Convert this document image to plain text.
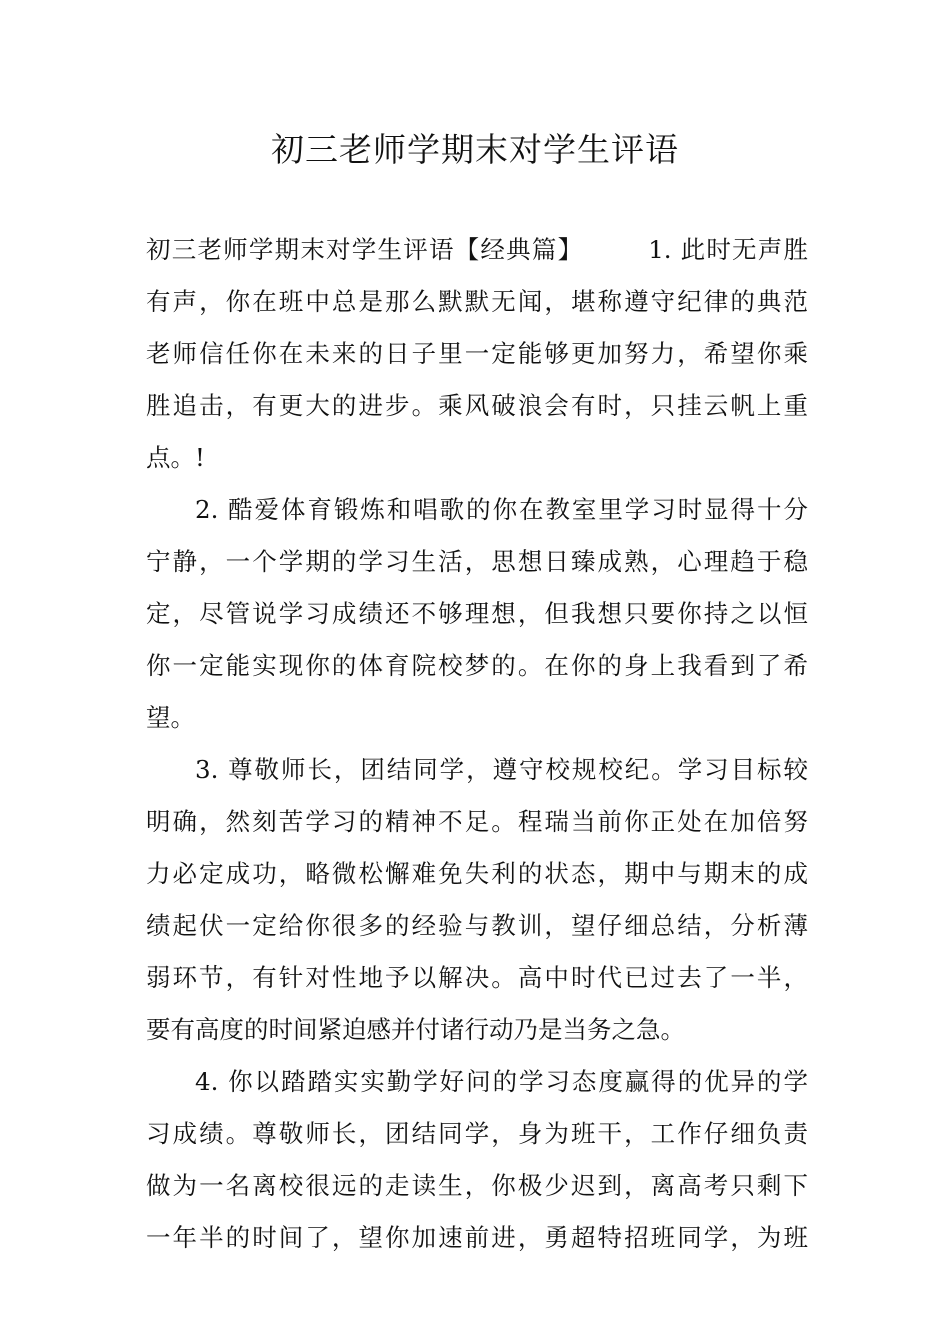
初三老师学期末对学生评语
初三老师学期末对学生评语【经典篇】　　　1. 此时无声胜
有声，你在班中总是那么默默无闻，堪称遵守纪律的典范
老师信任你在未来的日子里一定能够更加努力，希望你乘
胜追击，有更大的进步。乘风破浪会有时，只挂云帆上重
点。!
2. 酷爱体育锻炼和唱歌的你在教室里学习时显得十分
宁静，一个学期的学习生活，思想日臻成熟，心理趋于稳
定，尽管说学习成绩还不够理想，但我想只要你持之以恒
你一定能实现你的体育院校梦的。在你的身上我看到了希
望。
3. 尊敬师长，团结同学，遵守校规校纪。学习目标较
明确，然刻苦学习的精神不足。程瑞当前你正处在加倍努
力必定成功，略微松懈难免失利的状态，期中与期末的成
绩起伏一定给你很多的经验与教训，望仔细总结，分析薄
弱环节，有针对性地予以解决。高中时代已过去了一半，
要有高度的时间紧迫感并付诸行动乃是当务之急。
4. 你以踏踏实实勤学好问的学习态度赢得的优异的学
习成绩。尊敬师长，团结同学，身为班干，工作仔细负责
做为一名离校很远的走读生，你极少迟到，离高考只剩下
一年半的时间了，望你加速前进，勇超特招班同学，为班
